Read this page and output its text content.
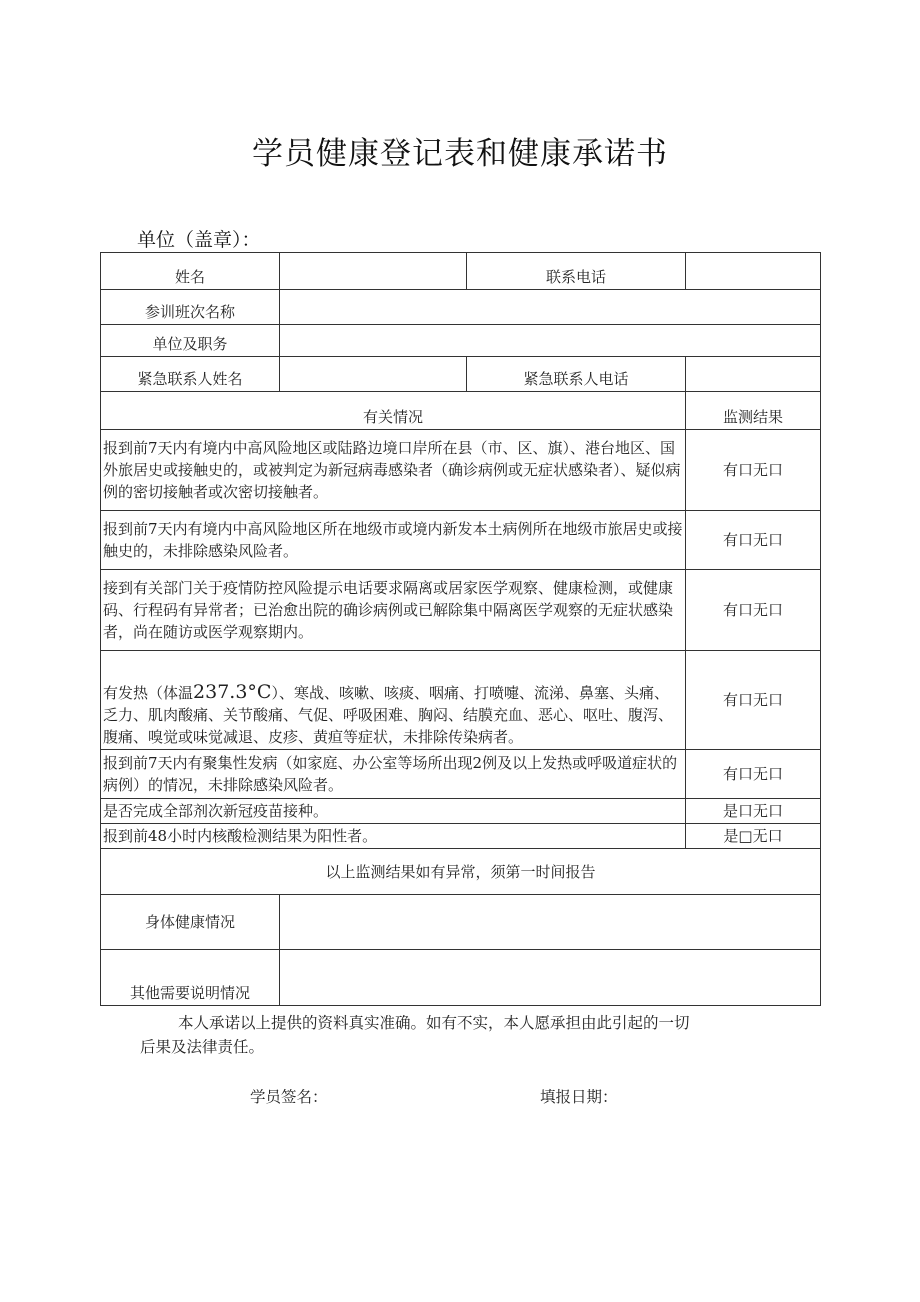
学员健康登记表和健康承诺书
单位（盖章）：
姓名		联系电话	
参训班次名称			
单位及职务			
紧急联系人姓名		紧急联系人电话	
有关情况			监测结果
报到前7天内有境内中高风险地区或陆路边境口岸所在县（市、区、旗）、港台地区、国外旅居史或接触史的，或被判定为新冠病毒感染者（确诊病例或无症状感染者）、疑似病例的密切接触者或次密切接触者。			有口无口
报到前7天内有境内中高风险地区所在地级市或境内新发本土病例所在地级市旅居史或接触史的，未排除感染风险者。			有口无口
接到有关部门关于疫情防控风险提示电话要求隔离或居家医学观察、健康检测，或健康码、行程码有异常者；已治愈出院的确诊病例或已解除集中隔离医学观察的无症状感染者，尚在随访或医学观察期内。			有口无口
有发热（体温237.3°C）、寒战、咳嗽、咳痰、咽痛、打喷嚏、流涕、鼻塞、头痛、乏力、肌肉酸痛、关节酸痛、气促、呼吸困难、胸闷、结膜充血、恶心、呕吐、腹泻、腹痛、嗅觉或味觉减退、皮疹、黄疸等症状，未排除传染病者。			有口无口
报到前7天内有聚集性发病（如家庭、办公室等场所出现2例及以上发热或呼吸道症状的病例）的情况，未排除感染风险者。			有口无口
是否完成全部剂次新冠疫苗接种。			是口无口
报到前48小时内核酸检测结果为阳性者。			是□无口
以上监测结果如有异常，须第一时间报告			
身体健康情况			
其他需要说明情况			
本人承诺以上提供的资料真实准确。如有不实，本人愿承担由此引起的一切
后果及法律责任。
学员签名：	填报日期：
